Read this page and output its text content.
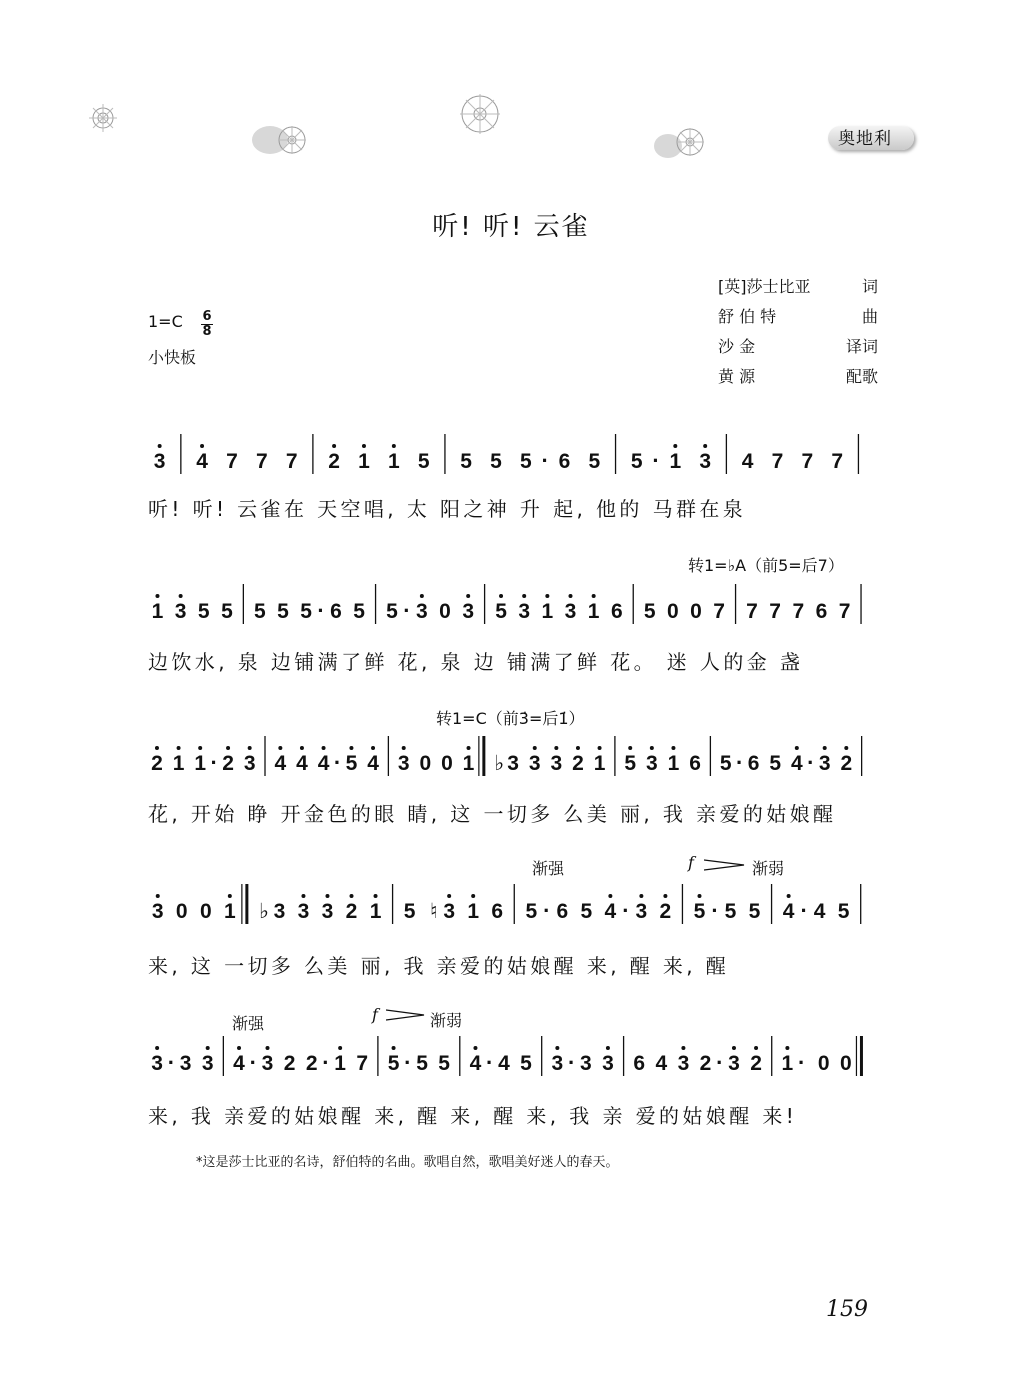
奥地利
听! 听! 云雀
[英]莎士比亚	词
舒 伯 特	曲
沙 金	译词
黄 源	配歌
1=C 6
8
小快板
转1=♭A（前5=后7）
转1=C（前3̇=后1̇）
渐强	f	渐弱
渐强	f	渐弱
3 4 7 7 7 2 1 1 5 5 5 5 · 6 5 5 · 1 3 4 7 7 7
1 3 5 5 5 5 5 · 6 5 5 · 3 0 3 5 3 1 3 1 6 5 0 0 7 7 7 7 6 7
2 1 1 · 2 3 4 4 4 · 5 4 3 0 0 1 ♭ 3 3 3 2 1 5 3 1 6 5 · 6 5 4 · 3 2
3 0 0 1 ♭ 3 3 3 2 1 5 ♮ 3 1 6 5 · 6 5 4 · 3 2 5 · 5 5 4 · 4 5
3 · 3 3 4 · 3 2 2 · 1 7 5 · 5 5 4 · 4 5 3 · 3 3 6 4 3 2 · 3 2 1 · 0 0
听! 听! 云雀在 天空唱, 太 阳之神 升 起, 他的 马群在泉
边饮水, 泉 边铺满了鲜 花, 泉 边 铺满了鲜 花。 迷 人的金 盏
花, 开始 睁 开金色的眼 睛, 这 一切多 么美 丽, 我 亲爱的姑娘醒
来, 这 一切多 么美 丽, 我 亲爱的姑娘醒 来, 醒 来, 醒
来, 我 亲爱的姑娘醒 来, 醒 来, 醒 来, 我 亲 爱的姑娘醒 来!
*这是莎士比亚的名诗，舒伯特的名曲。歌唱自然，歌唱美好迷人的春天。
159
